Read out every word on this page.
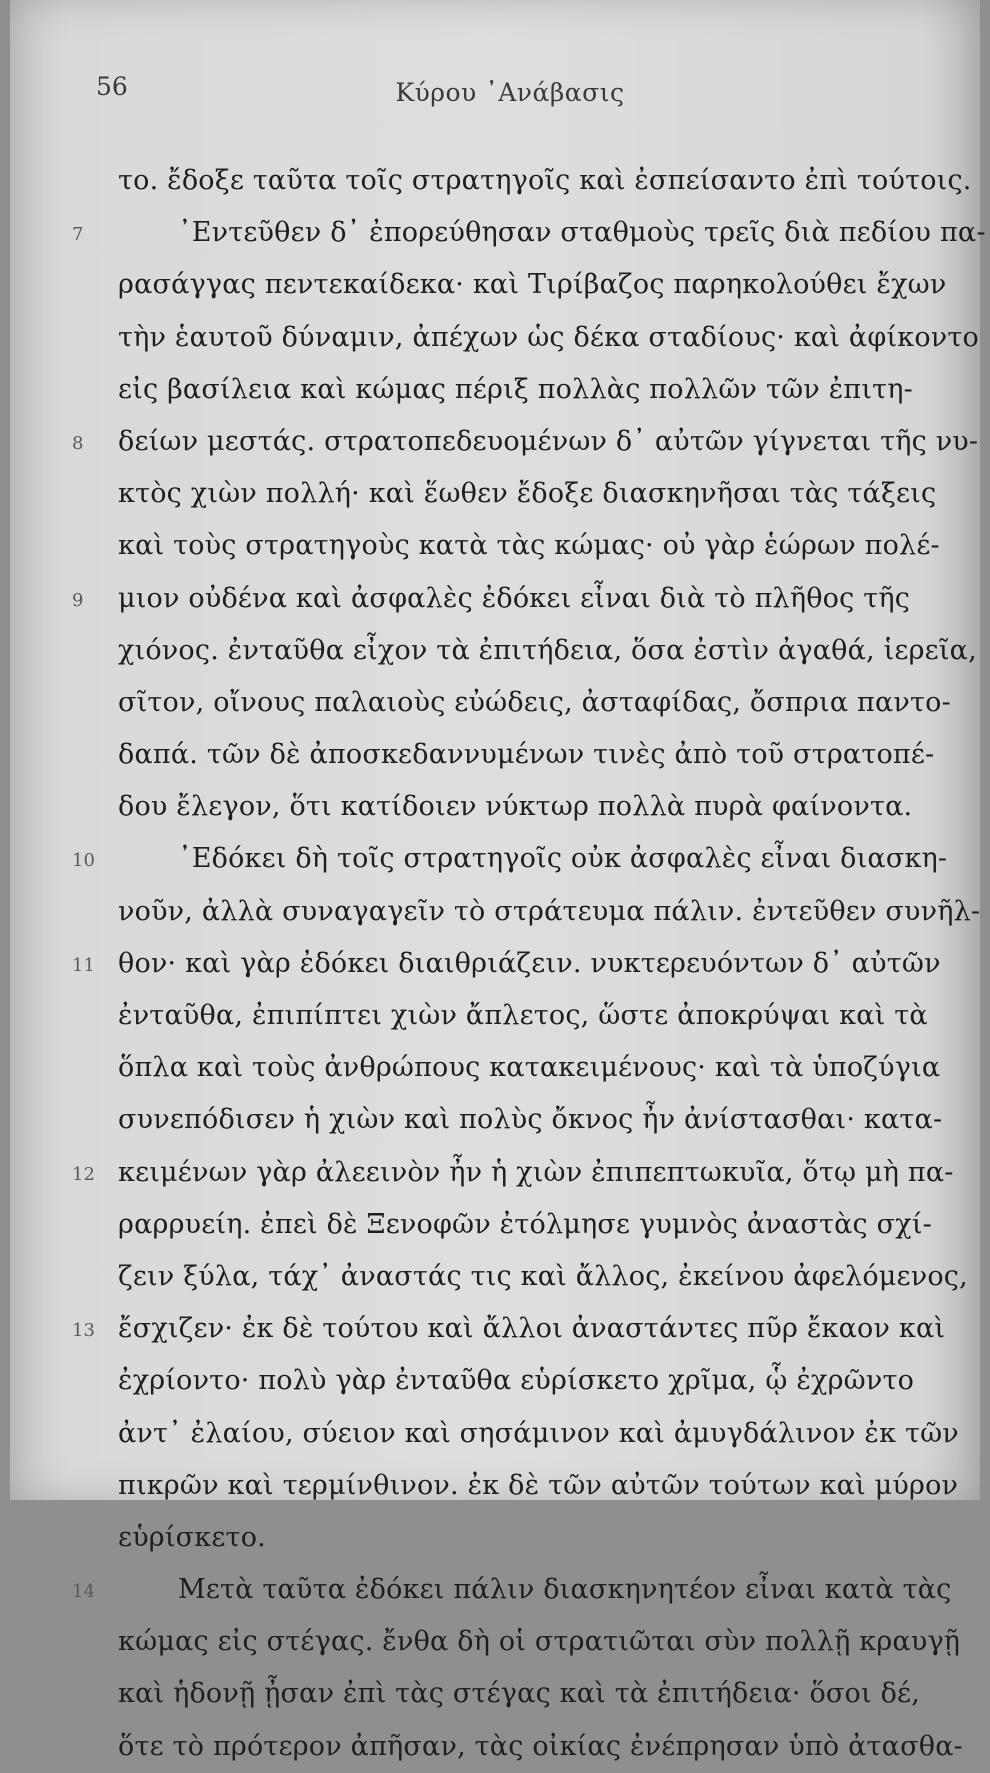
56	Κύρου ᾿Ανάβασις
το. ἔδοξε ταῦτα τοῖς στρατηγοῖς καὶ ἐσπείσαντο ἐπὶ τούτοις.
7	᾿Εντεῦθεν δ᾿ ἐπορεύθησαν σταθμοὺς τρεῖς διὰ πεδίου πα-
ρασάγγας πεντεκαίδεκα· καὶ Τιρίβαζος παρηκολούθει ἔχων
τὴν ἑαυτοῦ δύναμιν, ἀπέχων ὡς δέκα σταδίους· καὶ ἀφίκοντο
εἰς βασίλεια καὶ κώμας πέριξ πολλὰς πολλῶν τῶν ἐπιτη-
8	δείων μεστάς. στρατοπεδευομένων δ᾿ αὐτῶν γίγνεται τῆς νυ-
κτὸς χιὼν πολλή· καὶ ἕωθεν ἔδοξε διασκηνῆσαι τὰς τάξεις
καὶ τοὺς στρατηγοὺς κατὰ τὰς κώμας· οὐ γὰρ ἑώρων πολέ-
9	μιον οὐδένα καὶ ἀσφαλὲς ἐδόκει εἶναι διὰ τὸ πλῆθος τῆς
χιόνος. ἐνταῦθα εἶχον τὰ ἐπιτήδεια, ὅσα ἐστὶν ἀγαθά, ἱερεῖα,
σῖτον, οἴνους παλαιοὺς εὐώδεις, ἀσταφίδας, ὄσπρια παντο-
δαπά. τῶν δὲ ἀποσκεδαννυμένων τινὲς ἀπὸ τοῦ στρατοπέ-
δου ἔλεγον, ὅτι κατίδοιεν νύκτωρ πολλὰ πυρὰ φαίνοντα.
10	᾿Εδόκει δὴ τοῖς στρατηγοῖς οὐκ ἀσφαλὲς εἶναι διασκη-
νοῦν, ἀλλὰ συναγαγεῖν τὸ στράτευμα πάλιν. ἐντεῦθεν συνῆλ-
11 θον· καὶ γὰρ ἐδόκει διαιθριάζειν. νυκτερευόντων δ᾿ αὐτῶν
ἐνταῦθα, ἐπιπίπτει χιὼν ἄπλετος, ὥστε ἀποκρύψαι καὶ τὰ
ὅπλα καὶ τοὺς ἀνθρώπους κατακειμένους· καὶ τὰ ὑποζύγια
συνεπόδισεν ἡ χιὼν καὶ πολὺς ὄκνος ἦν ἀνίστασθαι· κατα-
12 κειμένων γὰρ ἀλεεινὸν ἦν ἡ χιὼν ἐπιπεπτωκυῖα, ὅτῳ μὴ πα-
ραρρυείη. ἐπεὶ δὲ Ξενοφῶν ἐτόλμησε γυμνὸς ἀναστὰς σχί-
ζειν ξύλα, τάχ᾿ ἀναστάς τις καὶ ἄλλος, ἐκείνου ἀφελόμενος,
13 ἔσχιζεν· ἐκ δὲ τούτου καὶ ἄλλοι ἀναστάντες πῦρ ἔκαον καὶ
ἐχρίοντο· πολὺ γὰρ ἐνταῦθα εὑρίσκετο χρῖμα, ᾧ ἐχρῶντο
ἀντ᾿ ἐλαίου, σύειον καὶ σησάμινον καὶ ἀμυγδάλινον ἐκ τῶν
πικρῶν καὶ τερμίνθινον. ἐκ δὲ τῶν αὐτῶν τούτων καὶ μύρον
εὑρίσκετο.
14	Μετὰ ταῦτα ἐδόκει πάλιν διασκηνητέον εἶναι κατὰ τὰς
κώμας εἰς στέγας. ἔνθα δὴ οἱ στρατιῶται σὺν πολλῇ κραυγῇ
καὶ ἡδονῇ ᾖσαν ἐπὶ τὰς στέγας καὶ τὰ ἐπιτήδεια· ὅσοι δέ,
ὅτε τὸ πρότερον ἀπῆσαν, τὰς οἰκίας ἐνέπρησαν ὑπὸ ἀτασθα-
